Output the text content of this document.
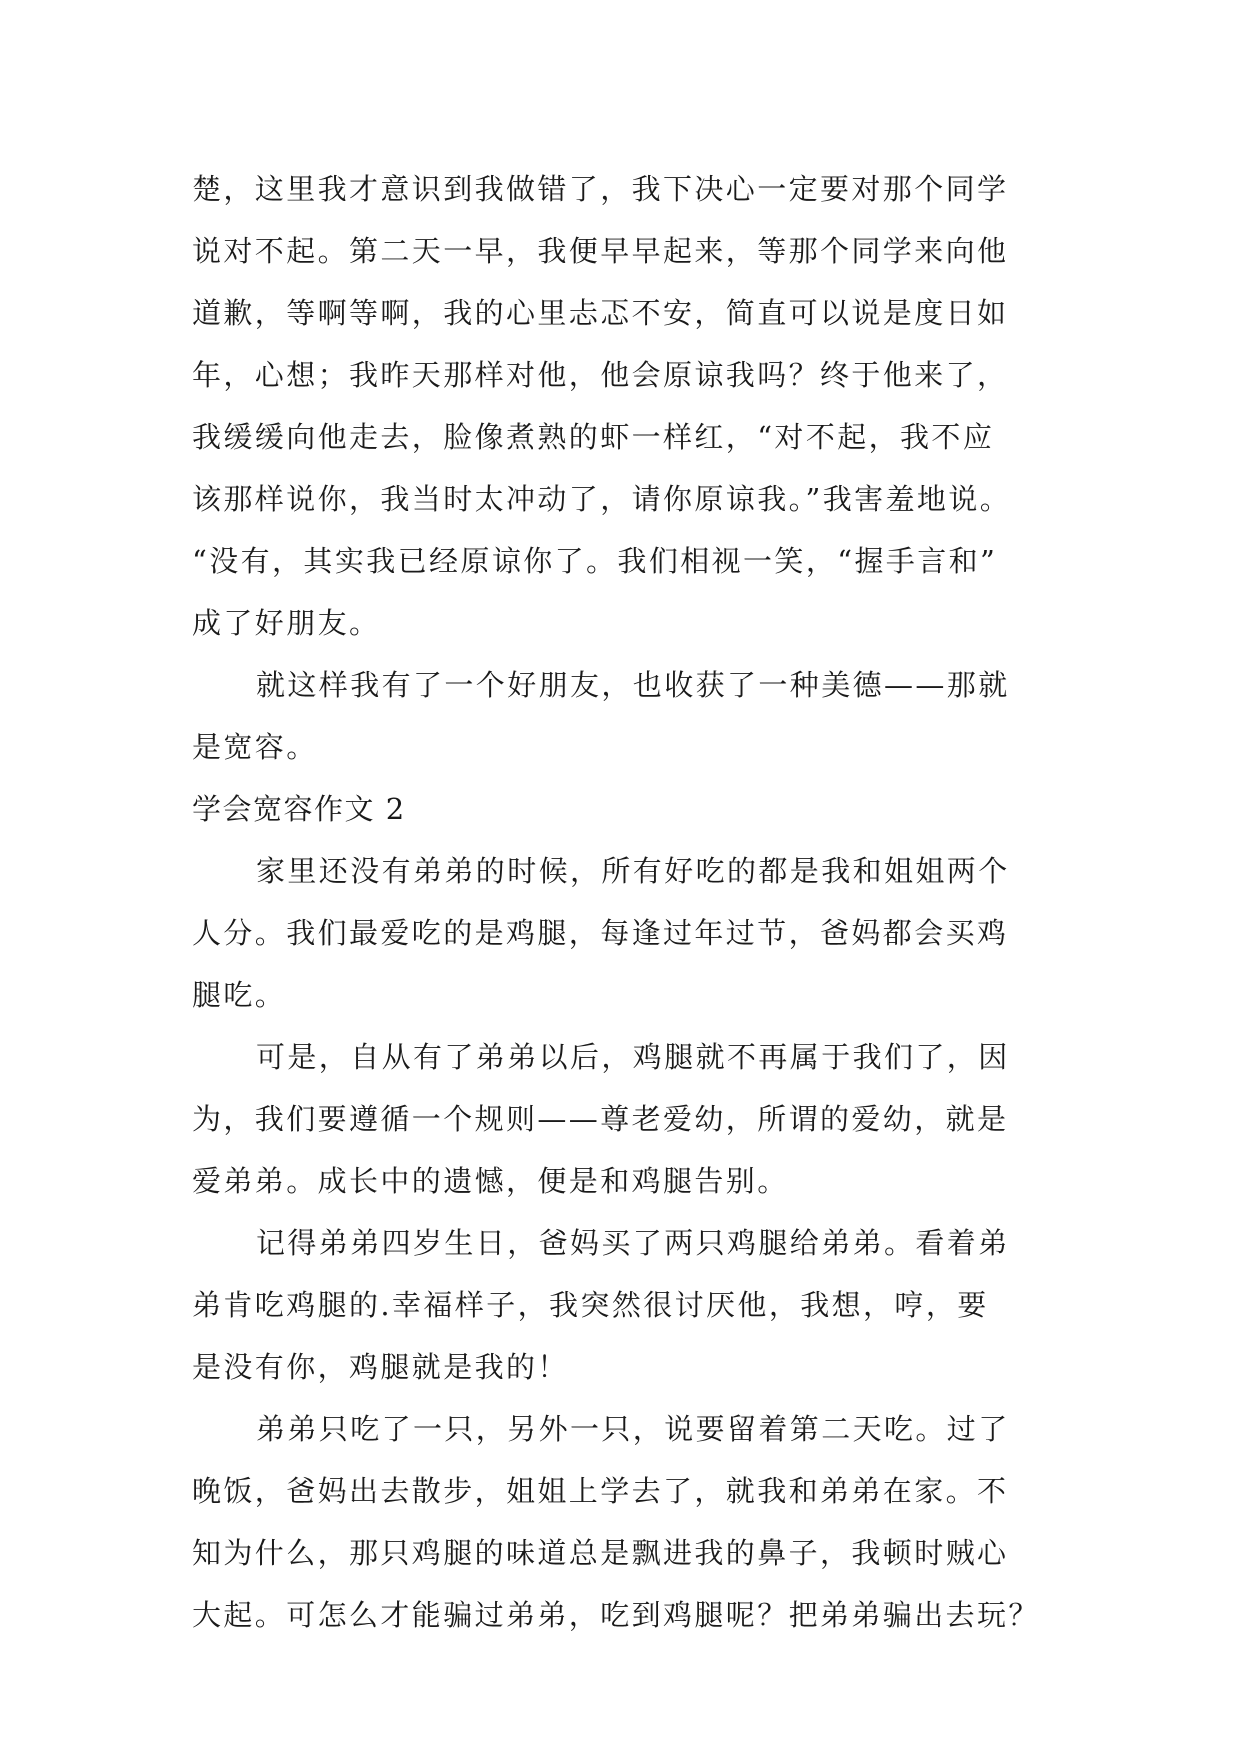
楚，这里我才意识到我做错了，我下决心一定要对那个同学
说对不起。第二天一早，我便早早起来，等那个同学来向他
道歉，等啊等啊，我的心里忐忑不安，简直可以说是度日如
年，心想；我昨天那样对他，他会原谅我吗？终于他来了，
我缓缓向他走去，脸像煮熟的虾一样红，“对不起，我不应
该那样说你，我当时太冲动了，请你原谅我。”我害羞地说。
“没有，其实我已经原谅你了。我们相视一笑，“握手言和”
成了好朋友。
就这样我有了一个好朋友，也收获了一种美德——那就
是宽容。
学会宽容作文 2
家里还没有弟弟的时候，所有好吃的都是我和姐姐两个
人分。我们最爱吃的是鸡腿，每逢过年过节，爸妈都会买鸡
腿吃。
可是，自从有了弟弟以后，鸡腿就不再属于我们了，因
为，我们要遵循一个规则——尊老爱幼，所谓的爱幼，就是
爱弟弟。成长中的遗憾，便是和鸡腿告别。
记得弟弟四岁生日，爸妈买了两只鸡腿给弟弟。看着弟
弟肯吃鸡腿的.幸福样子，我突然很讨厌他，我想，哼，要
是没有你，鸡腿就是我的！
弟弟只吃了一只，另外一只，说要留着第二天吃。过了
晚饭，爸妈出去散步，姐姐上学去了，就我和弟弟在家。不
知为什么，那只鸡腿的味道总是飘进我的鼻子，我顿时贼心
大起。可怎么才能骗过弟弟，吃到鸡腿呢？把弟弟骗出去玩？
